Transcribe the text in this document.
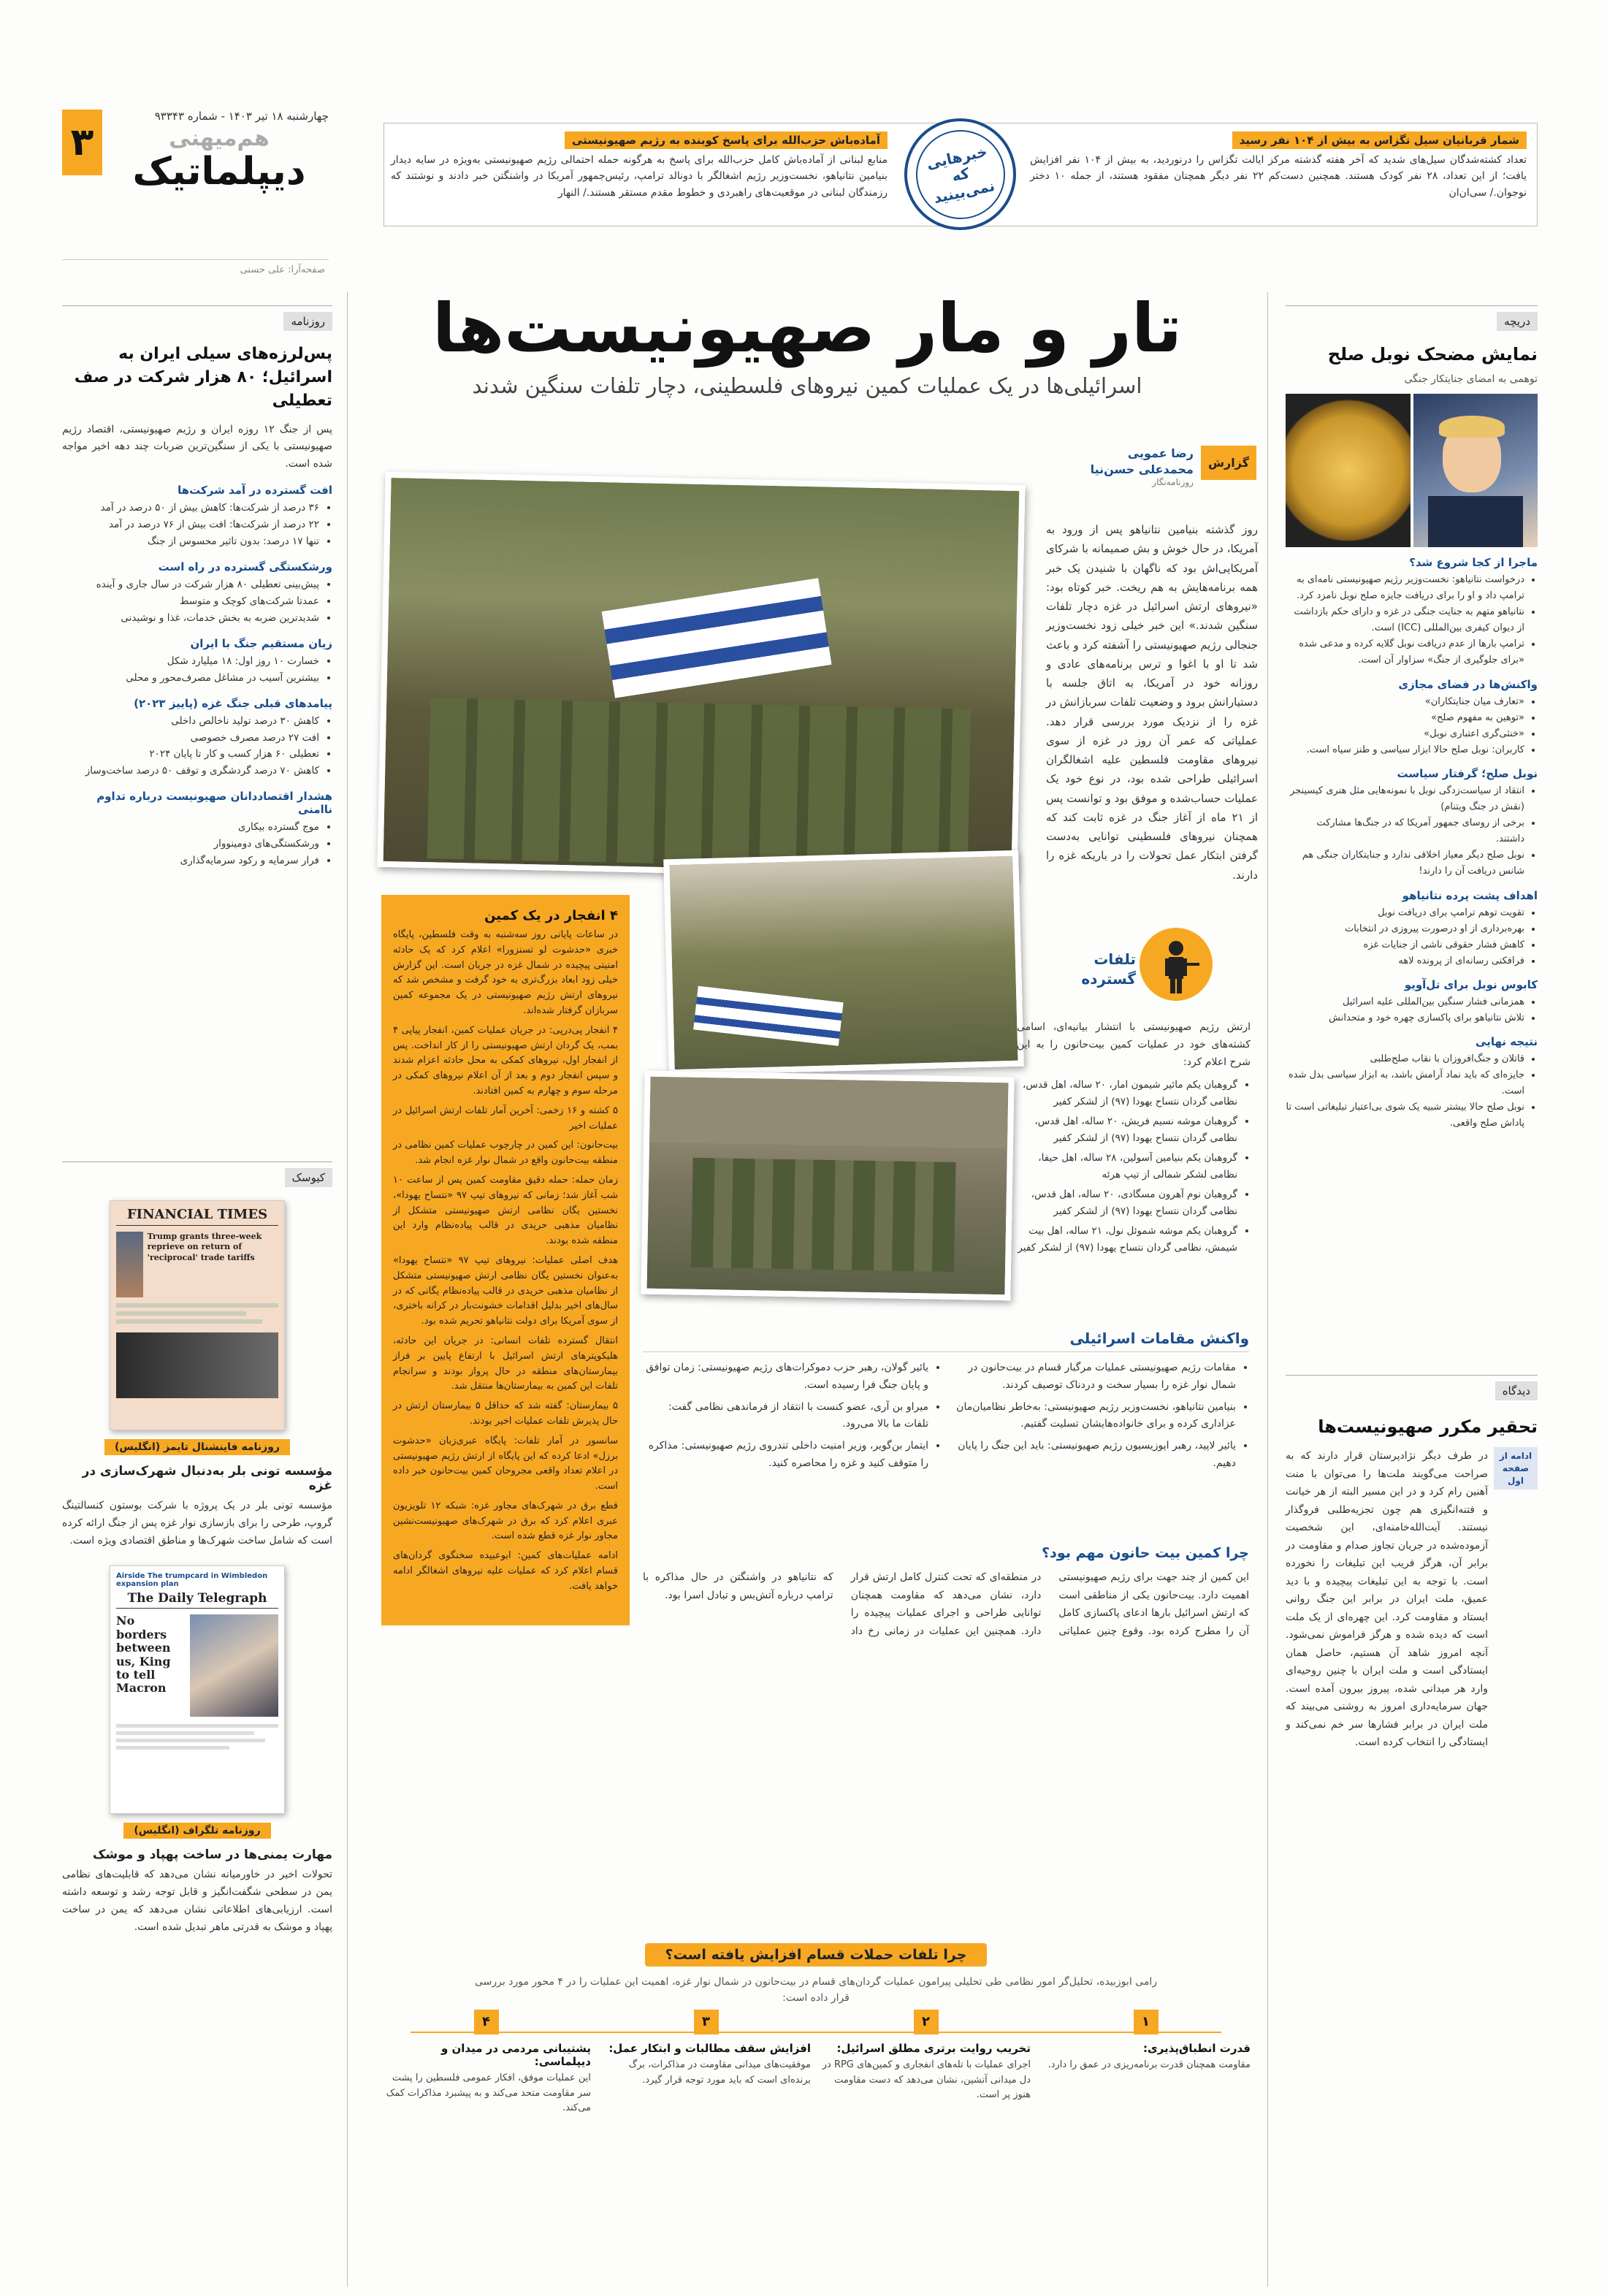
۳
چهارشنبه ۱۸ تیر ۱۴۰۳ - شماره ۹۳۳۴۳
هم‌میهنی
دیپلماتیک
صفحه‌آرا: علی حسنی
آماده‌باش حزب‌الله برای پاسخ کوبنده به رژیم صهیونیستی
منابع لبنانی از آماده‌باش کامل حزب‌الله برای پاسخ به هرگونه حمله احتمالی رژیم صهیونیستی به‌ویژه در سایه دیدار بنیامین نتانیاهو، نخست‌وزیر رژیم اشغالگر با دونالد ترامپ، رئیس‌جمهور آمریکا در واشنگتن خبر دادند و نوشتند که رزمندگان لبنانی در موقعیت‌های راهبردی و خطوط مقدم مستقر هستند./ النهار
خبرهایی که نمی‌بینید
شمار قربانیان سیل تگزاس به بیش از ۱۰۴ نفر رسید
تعداد کشته‌شدگان سیل‌های شدید که آخر هفته گذشته مرکز ایالت تگزاس را درنوردید، به بیش از ۱۰۴ نفر افزایش یافت؛ از این تعداد، ۲۸ نفر کودک هستند. همچنین دست‌کم ۲۲ نفر دیگر همچنان مفقود هستند، از جمله ۱۰ دختر نوجوان./ سی‌ان‌ان
دریچه
نمایش مضحک نوبل صلح
توهمی به امضای جنایتکار جنگی
ماجرا از کجا شروع شد؟
• درخواست نتانیاهو: نخست‌وزیر رژیم صهیونیستی نامه‌ای به ترامپ داد و او را برای دریافت جایزه صلح نوبل نامزد کرد.
• نتانیاهو متهم به جنایت جنگی در غزه و دارای حکم بازداشت از دیوان کیفری بین‌المللی (ICC) است.
• ترامپ بارها از عدم دریافت نوبل گلایه کرده و مدعی شده «برای جلوگیری از جنگ» سزاوار آن است.
واکنش‌ها در فضای مجازی
• «تعارف میان جنایتکاران»
• «توهین به مفهوم صلح»
• «خنثی‌گری اعتباری نوبل»
• کاربران: نوبل صلح حالا ابزار سیاسی و طنز سیاه است.
نوبل صلح؛ گرفتار سیاست
• انتقاد از سیاست‌زدگی نوبل با نمونه‌هایی مثل هنری کیسینجر (نقش در جنگ ویتنام)
• برخی از روسای جمهور آمریکا که در جنگ‌ها مشارکت داشتند.
• نوبل صلح دیگر معیار اخلاقی ندارد و جنایتکاران جنگی هم شانس دریافت آن را دارند!
اهداف پشت پرده نتانیاهو
• تقویت توهم ترامپ برای دریافت نوبل
• بهره‌برداری از او درصورت پیروزی در انتخابات
• کاهش فشار حقوقی ناشی از جنایات غزه
• فرافکنی رسانه‌ای از پرونده لاهه
کابوس نوبل برای تل‌آویو
• همزمانی فشار سنگین بین‌المللی علیه اسرائیل
• تلاش نتانیاهو برای پاکسازی چهره خود و متحدانش
نتیجه نهایی
• قاتلان و جنگ‌افروزان با نقاب صلح‌طلبی
• جایزه‌ای که باید نماد آرامش باشد، به ابزار سیاسی بدل شده است.
• نوبل صلح حالا بیشتر شبیه یک شوی بی‌اعتبار تبلیغاتی است تا پاداش صلح واقعی.
دیدگاه
تحقیر مکرر صهیونیست‌ها
ادامه از صفحه اول
در طرف دیگر نژادپرستان قرار دارند که به صراحت می‌گویند ملت‌ها را می‌توان با منت آهنین رام کرد و در این مسیر البته از هر خیانت و فتنه‌انگیزی هم چون تجزیه‌طلبی فروگذار نیستند. آیت‌الله‌خامنه‌ای، این شخصیت آزموده‌شده در جریان تجاوز صدام و مقاومت در برابر آن، هرگز فریب این تبلیغات را نخورده است. با توجه به این تبلیغات پیچیده و با دید عمیق، ملت ایران در برابر این جنگ روانی ایستاد و مقاومت کرد. این چهره‌ای از یک ملت است که دیده شده و هرگز فراموش نمی‌شود. آنچه امروز شاهد آن هستیم، حاصل همان ایستادگی است و ملت ایران با چنین روحیه‌ای وارد هر میدانی شده، پیروز بیرون آمده است. جهان سرمایه‌داری امروز به روشنی می‌بیند که ملت ایران در برابر فشارها سر خم نمی‌کند و ایستادگی را انتخاب کرده است.
روزنامه
پس‌لرزه‌های سیلی ایران به اسرائیل؛ ۸۰ هزار شرکت در صف تعطیلی
پس از جنگ ۱۲ روزه ایران و رژیم صهیونیستی، اقتصاد رژیم صهیونیستی با یکی از سنگین‌ترین ضربات چند دهه اخیر مواجه شده است.
افت گسترده در آمد شرکت‌ها
• ۳۶ درصد از شرکت‌ها: کاهش بیش از ۵۰ درصد در آمد
• ۲۲ درصد از شرکت‌ها: افت بیش از ۷۶ درصد در آمد
• تنها ۱۷ درصد: بدون تاثیر محسوس از جنگ
ورشکستگی گسترده در راه است
• پیش‌بینی تعطیلی ۸۰ هزار شرکت در سال جاری و آینده
• عمدتا شرکت‌های کوچک و متوسط
• شدیدترین ضربه به بخش خدمات، غذا و نوشیدنی
زیان مستقیم جنگ با ایران
• خسارت ۱۰ روز اول: ۱۸ میلیارد شکل
• بیشترین آسیب در مشاغل مصرف‌محور و محلی
پیامدهای قبلی جنگ غزه (پاییز ۲۰۲۳)
• کاهش ۳۰ درصد تولید ناخالص داخلی
• افت ۲۷ درصد مصرف خصوصی
• تعطیلی ۶۰ هزار کسب و کار تا پایان ۲۰۲۴
• کاهش ۷۰ درصد گردشگری و توقف ۵۰ درصد ساخت‌وساز
هشدار اقتصاددانان صهیونیست درباره تداوم ناامنی
• موج گسترده بیکاری
• ورشکستگی‌های دومینووار
• فرار سرمایه و رکود سرمایه‌گذاری
کیوسک
FINANCIAL TIMES
Trump grants three-week reprieve on return of 'reciprocal' trade tariffs
روزنامه فاینشنال تایمز (انگلیس)
مؤسسه تونی بلر به‌دنبال شهرک‌سازی در غزه
مؤسسه تونی بلر در یک پروژه با شرکت بوستون کنسالتینگ گروپ، طرحی را برای بازسازی نوار غزه پس از جنگ ارائه کرده است که شامل ساخت شهرک‌ها و مناطق اقتصادی ویژه است.
Airside The trumpcard in Wimbledon expansion plan
The Daily Telegraph
No borders between us, King to tell Macron
روزنامه تلگراف (انگلیس)
مهارت یمنی‌ها در ساخت پهپاد و موشک
تحولات اخیر در خاورمیانه نشان می‌دهد که قابلیت‌های نظامی یمن در سطحی شگفت‌انگیز و قابل توجه رشد و توسعه داشته است. ارزیابی‌های اطلاعاتی نشان می‌دهد که یمن در ساخت پهپاد و موشک به قدرتی ماهر تبدیل شده است.
تار و مار صهیونیست‌ها
اسرائیلی‌ها در یک عملیات کمین نیروهای فلسطینی، دچار تلفات سنگین شدند
گزارش
رضا عمویی
محمدعلی حسن‌نیا
روزنامه‌نگار
روز گذشته بنیامین نتانیاهو پس از ورود به آمریکا، در حال خوش و بش صمیمانه با شرکای آمریکایی‌اش بود که ناگهان با شنیدن یک خبر همه برنامه‌هایش به هم ریخت. خبر کوتاه بود: «نیروهای ارتش اسرائیل در غزه دچار تلفات سنگین شدند.» این خبر خیلی زود نخست‌وزیر جنجالی رژیم صهیونیستی را آشفته کرد و باعث شد تا او با اغوا و ترس برنامه‌های عادی و روزانه خود در آمریکا، به اتاق جلسه با دستیارانش برود و وضعیت تلفات سربازانش در غزه را از نزدیک مورد بررسی قرار دهد. عملیاتی که عمر آن روز در غزه از سوی نیروهای مقاومت فلسطین علیه اشغالگران اسرائیلی طراحی شده بود، در نوع خود یک عملیات حساب‌شده و موفق بود و توانست پس از ۲۱ ماه از آغاز جنگ در غزه ثابت کند که همچنان نیروهای فلسطینی توانایی به‌دست گرفتن ابتکار عمل تحولات را در باریکه غزه را دارند.
تلفات گسترده
ارتش رژیم صهیونیستی با انتشار بیانیه‌ای، اسامی کشته‌های خود در عملیات کمین بیت‌حانون را به این شرح اعلام کرد:
• گروهبان یکم مائیر شیمون امار، ۲۰ ساله، اهل قدس، نظامی گردان نتساح یهودا (۹۷) از لشکر کفیر
• گروهبان موشه نسیم فریش، ۲۰ ساله، اهل قدس، نظامی گردان نتساح یهودا (۹۷) از لشکر کفیر
• گروهبان یکم بنیامین آسولین، ۲۸ ساله، اهل حیفا، نظامی لشکر شمالی از تیپ هرئه
• گروهبان نوم آهرون مسگادی، ۲۰ ساله، اهل قدس، نظامی گردان نتساح یهودا (۹۷) از لشکر کفیر
• گروهبان یکم موشه شموئل نول، ۲۱ ساله، اهل بیت شیمش، نظامی گردان نتساح یهودا (۹۷) از لشکر کفیر
۴ انفجار در یک کمین
در ساعات پایانی روز سه‌شنبه به وقت فلسطین، پایگاه خبری «حدشوت لو تسنزورا» اعلام کرد که یک حادثه امنیتی پیچیده در شمال غزه در جریان است. این گزارش خیلی زود ابعاد بزرگ‌تری به خود گرفت و مشخص شد که نیروهای ارتش رژیم صهیونیستی در یک مجموعه کمین سربازان گرفتار شده‌اند.
۴ انفجار پی‌در‌پی: در جریان عملیات کمین، انفجار پیاپی ۴ بمب، یک گردان ارتش صهیونیستی را از کار انداخت. پس از انفجار اول، نیروهای کمکی به محل حادثه اعزام شدند و سپس انفجار دوم و بعد از آن اعلام نیروهای کمکی در مرحله سوم و چهارم به کمین افتادند.
۵ کشته و ۱۶ زخمی: آخرین آمار تلفات ارتش اسرائیل در عملیات اخیر
بیت‌حانون: این کمین در چارچوب عملیات کمین نظامی در منطقه بیت‌حانون واقع در شمال نوار غزه انجام شد.
زمان حمله: حمله دقیق مقاومت کمین پس از ساعت ۱۰ شب آغاز شد؛ زمانی که نیروهای تیپ ۹۷ «نتساح یهودا»، نخستین یگان نظامی ارتش صهیونیستی متشکل از نظامیان مذهبی حریدی در قالب پیاده‌نظام وارد این منطقه شده بودند.
هدف اصلی عملیات: نیروهای تیپ ۹۷ «نتساح یهودا» به‌عنوان نخستین یگان نظامی ارتش صهیونیستی متشکل از نظامیان مذهبی حریدی در قالب پیاده‌نظام یگانی که در سال‌های اخیر بدلیل اقدامات خشونت‌بار در کرانه باختری، از سوی آمریکا برای دولت نتانیاهو تحریم شده بود.
انتقال گسترده تلفات انسانی: در جریان این حادثه، هلیکوپترهای ارتش اسرائیل با ارتفاع پایین بر فراز بیمارستان‌های منطقه در حال پرواز بودند و سرانجام تلفات این کمین به بیمارستان‌ها منتقل شد.
۵ بیمارستان: گفته شد که حداقل ۵ بیمارستان ارتش در حال پذیرش تلفات عملیات اخیر بودند.
سانسور در آمار تلفات: پایگاه عبری‌زبان «حدشوت برزل» ادعا کرده که این پایگاه از ارتش رژیم صهیونیستی در اعلام تعداد واقعی مجروحان کمین بیت‌حانون خبر داده است.
قطع برق در شهرک‌های مجاور غزه: شبکه ۱۲ تلویزیون عبری اعلام کرد که برق در شهرک‌های صهیونیست‌نشین مجاور نوار غزه قطع شده است.
ادامه عملیات‌های کمین: ابوعبیده سخنگوی گردان‌های قسام اعلام کرد که عملیات علیه نیروهای اشغالگر ادامه خواهد یافت.
واکنش مقامات اسرائیلی
• مقامات رژیم صهیونیستی عملیات مرگبار قسام در بیت‌حانون در شمال نوار غزه را بسیار سخت و دردناک توصیف کردند.
• بنیامین نتانیاهو، نخست‌وزیر رژیم صهیونیستی: به‌خاطر نظامیان‌مان عزاداری کرده و برای خانواده‌هایشان تسلیت گفتیم.
• یائیر لاپید، رهبر اپوزیسیون رژیم صهیونیستی: باید این جنگ را پایان دهیم.
• یائیر گولان، رهبر حزب دموکرات‌های رژیم صهیونیستی: زمان توافق و پایان جنگ فرا رسیده است.
• میراو بن آری، عضو کنست با انتقاد از فرماندهی نظامی گفت: تلفات ما بالا می‌رود.
• ایتمار بن‌گویر، وزیر امنیت داخلی تندروی رژیم صهیونیستی: مذاکره را متوقف کنید و غزه را محاصره کنید.
چرا کمین بیت حانون مهم بود؟
این کمین از چند جهت برای رژیم صهیونیستی اهمیت دارد. بیت‌حانون یکی از مناطقی است که ارتش اسرائیل بارها ادعای پاکسازی کامل آن را مطرح کرده بود. وقوع چنین عملیاتی در منطقه‌ای که تحت کنترل کامل ارتش قرار دارد، نشان می‌دهد که مقاومت همچنان توانایی طراحی و اجرای عملیات پیچیده را دارد. همچنین این عملیات در زمانی رخ داد که نتانیاهو در واشنگتن در حال مذاکره با ترامپ درباره آتش‌بس و تبادل اسرا بود.
چرا تلفات حملات قسام افزایش یافته است؟
رامی ابوزبیده، تحلیل‌گر امور نظامی طی تحلیلی پیرامون عملیات گردان‌های قسام در بیت‌حانون در شمال نوار غزه، اهمیت این عملیات را در ۴ محور مورد بررسی قرار داده است:
۱
قدرت انطباق‌پذیری:
مقاومت همچنان قدرت برنامه‌ریزی در عمق را دارد.
۲
تخریب روایت برتری مطلق اسرائیل:
اجرای عملیات با تله‌های انفجاری و کمین‌های RPG در دل میدانی آتشین، نشان می‌دهد که دست مقاومت هنوز پر است.
۳
افزایش سقف مطالبات و ابتکار عمل:
موفقیت‌های میدانی مقاومت در مذاکرات، برگ برنده‌ای است که باید مورد توجه قرار گیرد.
۴
پشتیبانی مردمی در میدان و دیپلماسی:
این عملیات موفق، افکار عمومی فلسطین را پشت سر مقاومت متحد می‌کند و به پیشبرد مذاکرات کمک می‌کند.
